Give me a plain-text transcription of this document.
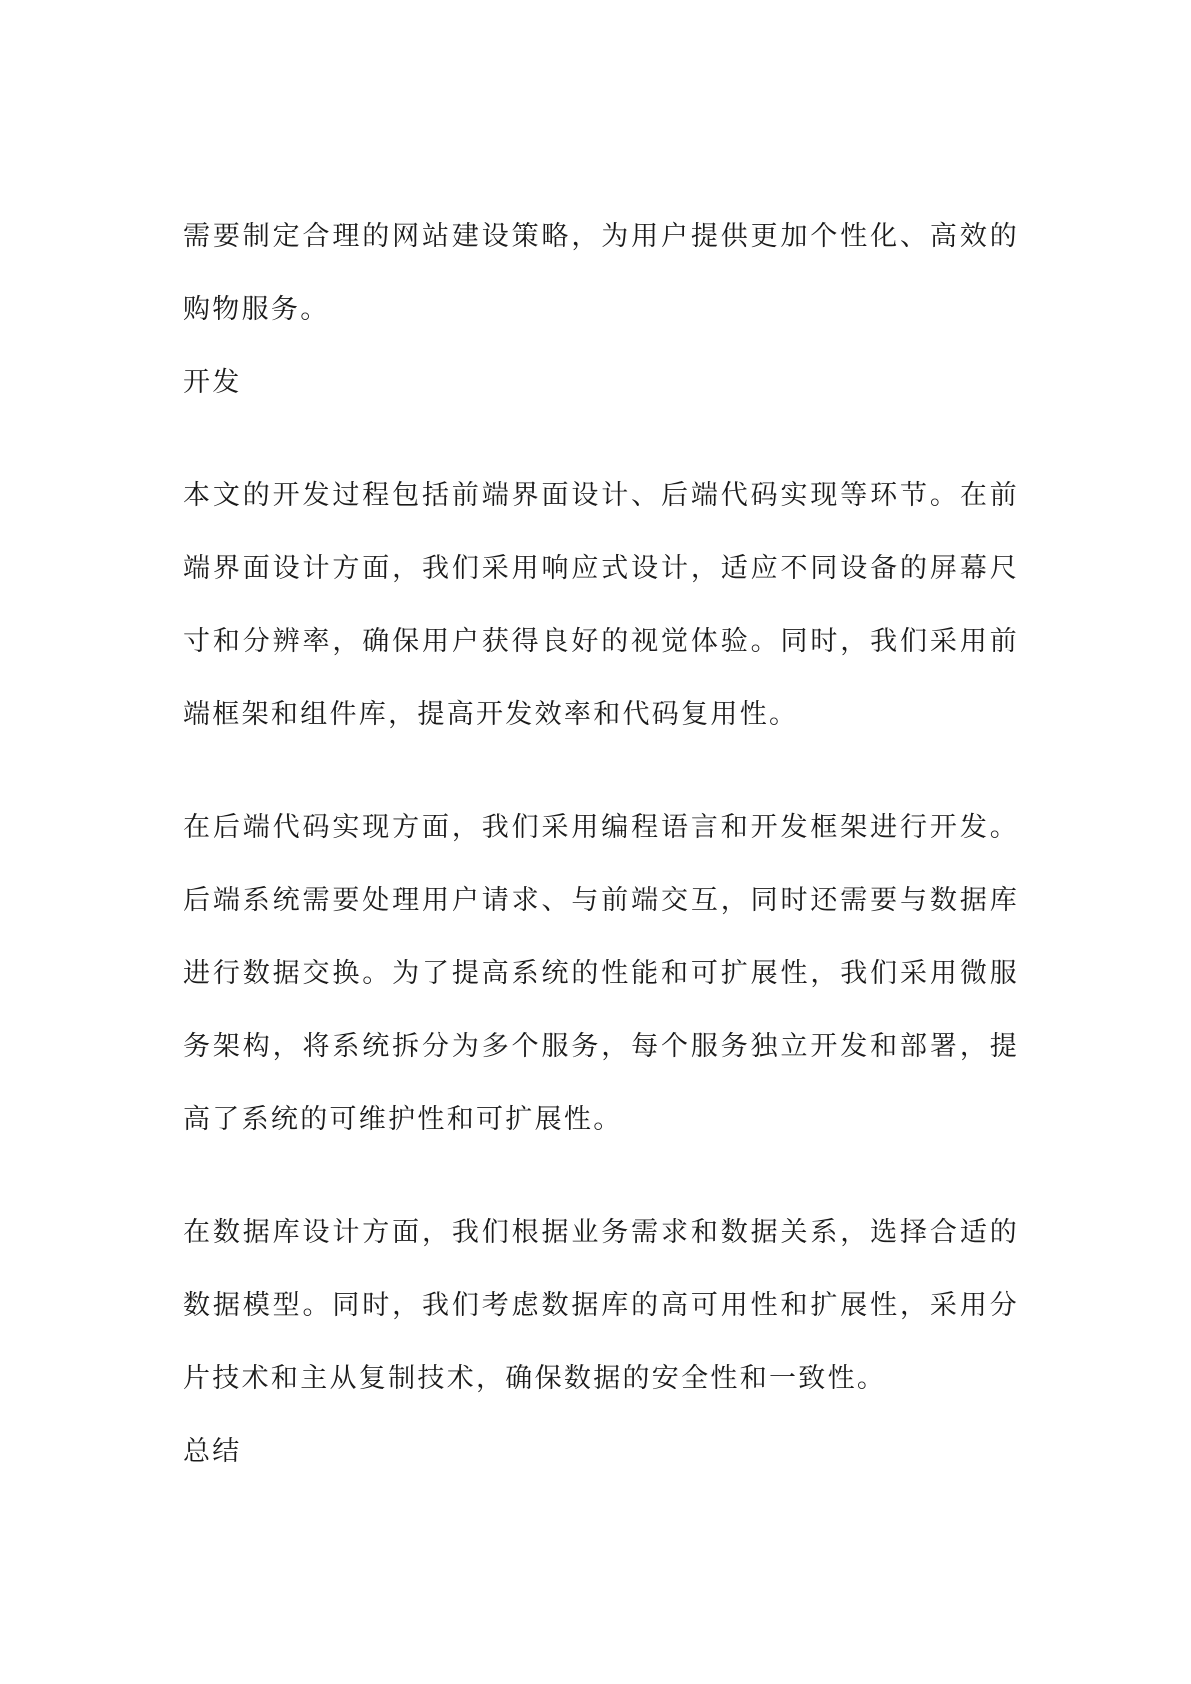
需要制定合理的网站建设策略，为用户提供更加个性化、高效的购物服务。

开发

本文的开发过程包括前端界面设计、后端代码实现等环节。在前端界面设计方面，我们采用响应式设计，适应不同设备的屏幕尺寸和分辨率，确保用户获得良好的视觉体验。同时，我们采用前端框架和组件库，提高开发效率和代码复用性。

在后端代码实现方面，我们采用编程语言和开发框架进行开发。后端系统需要处理用户请求、与前端交互，同时还需要与数据库进行数据交换。为了提高系统的性能和可扩展性，我们采用微服务架构，将系统拆分为多个服务，每个服务独立开发和部署，提高了系统的可维护性和可扩展性。

在数据库设计方面，我们根据业务需求和数据关系，选择合适的数据模型。同时，我们考虑数据库的高可用性和扩展性，采用分片技术和主从复制技术，确保数据的安全性和一致性。

总结
